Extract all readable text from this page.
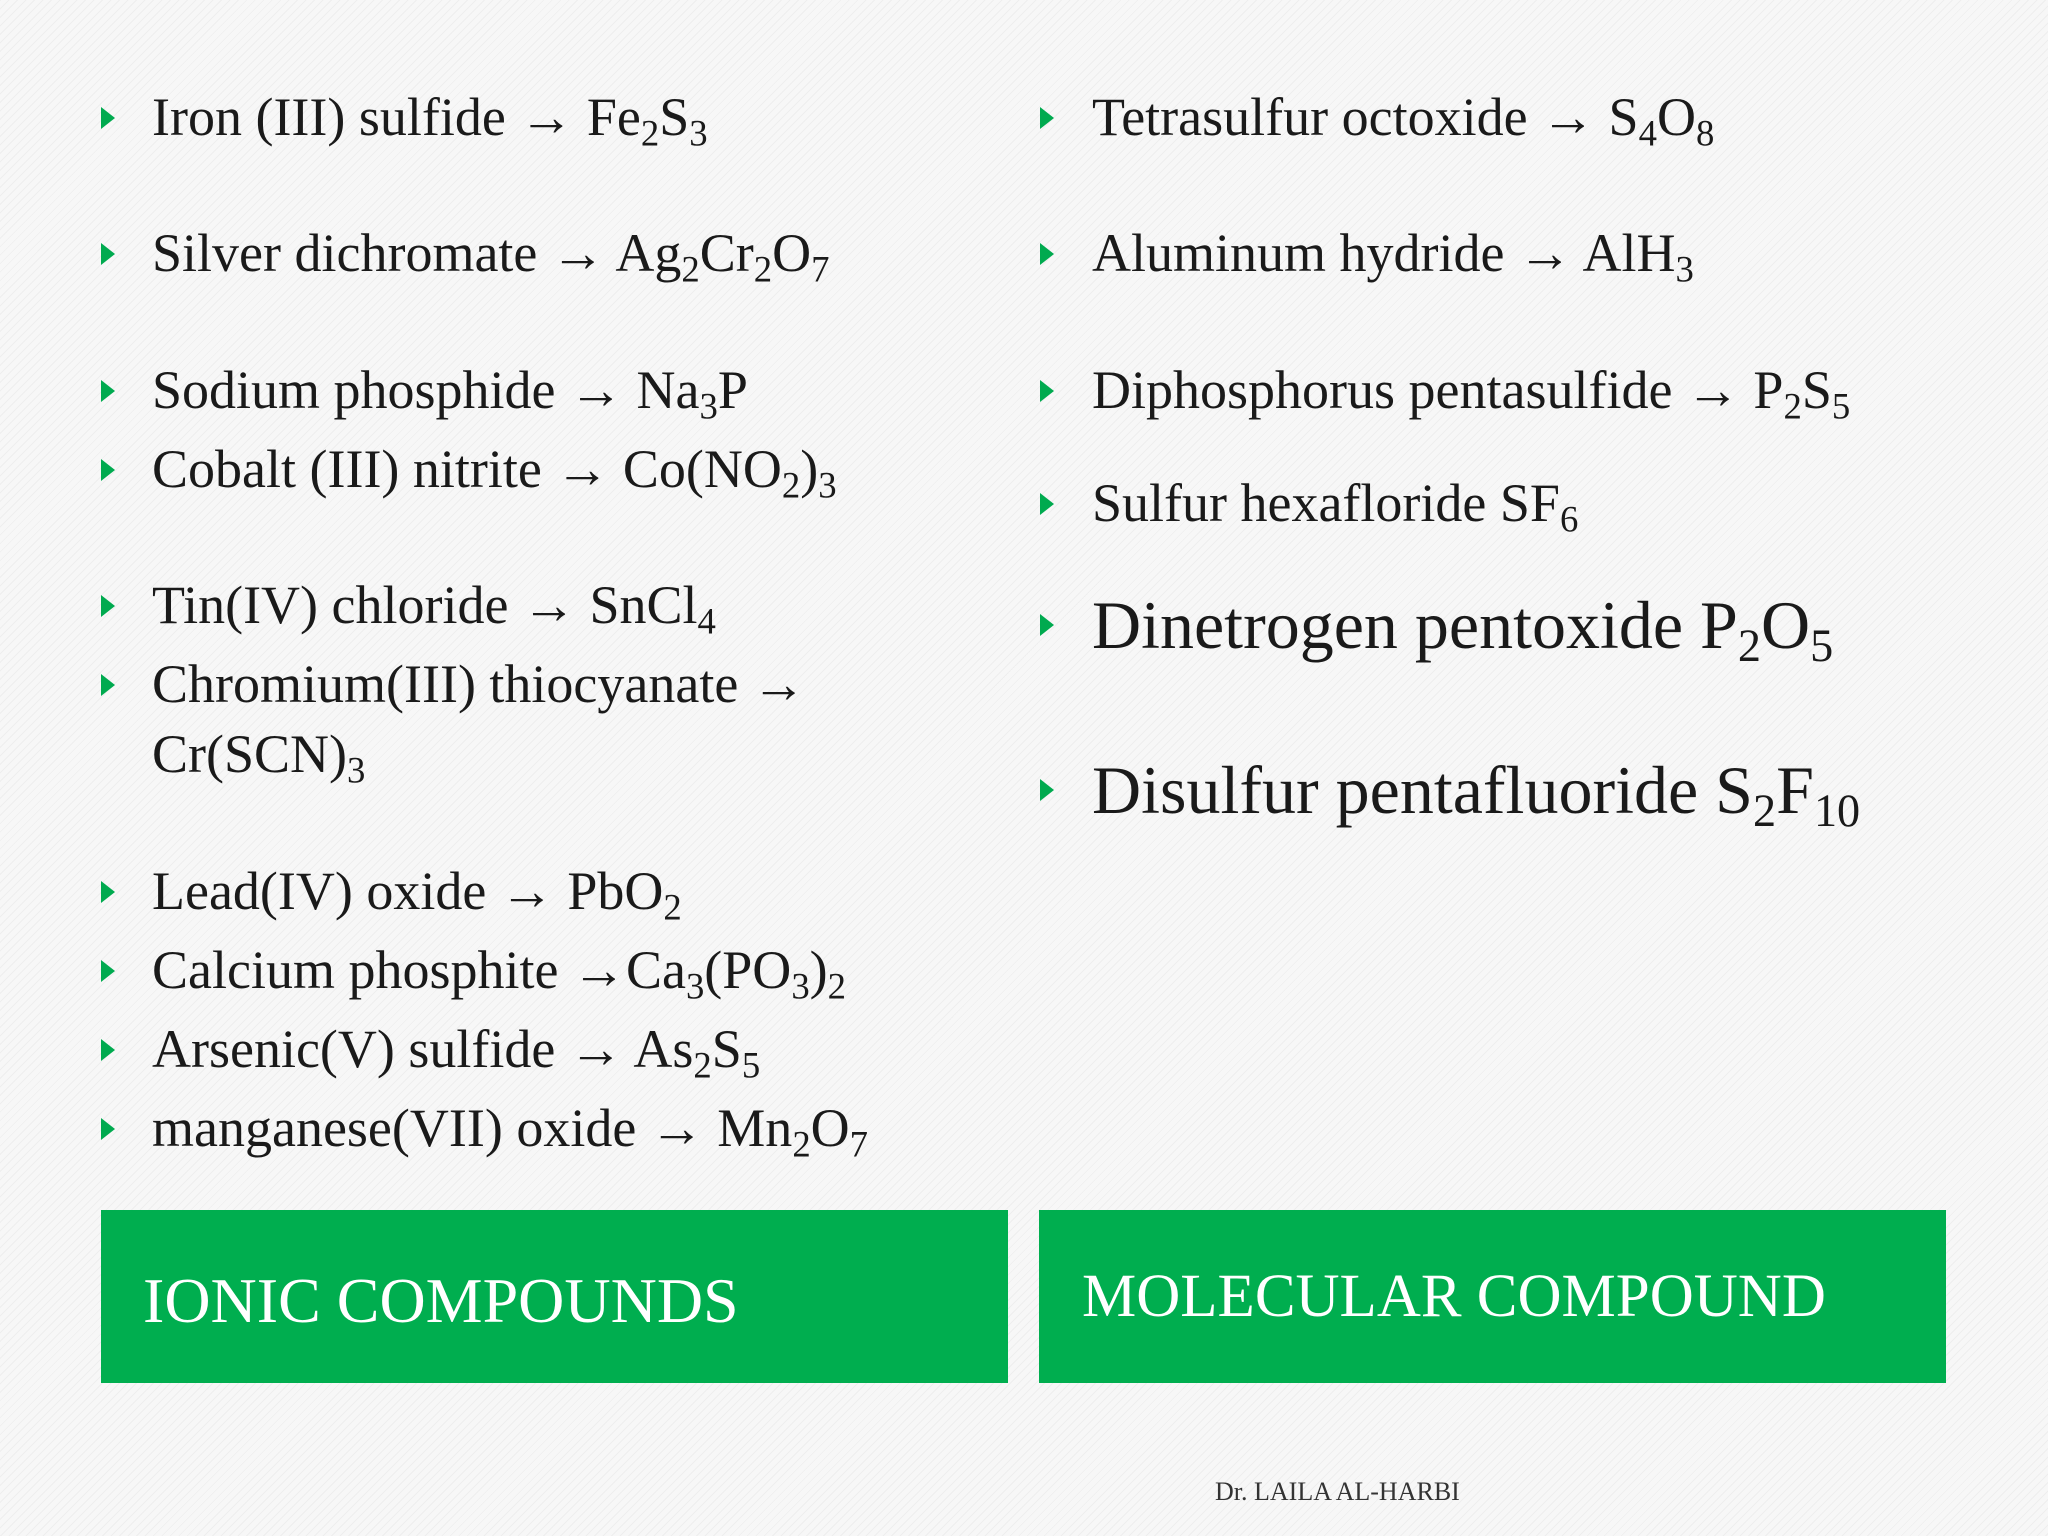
Iron (III) sulfide → $Fe_2S_3$
Silver dichromate → $Ag_2Cr_2O_7$
Sodium phosphide → $Na_3P$
Cobalt (III) nitrite → $Co(NO_2)_3$
Tin(IV) chloride → SnCl$_4$
Chromium(III) thiocyanate →
$Cr(SCN)_3$
Lead(IV) oxide → PbO$_2$
Calcium phosphite $\to Ca_3(PO_3)_2$
Arsenic(V) sulfide → $As_2S_5$
manganese(VII) oxide → $Mn_2O_7$
Tetrasulfur octoxide → $S_4O_8$
Aluminum hydride → AlH$_3$
Diphosphorus pentasulfide → $P_2S_5$
Sulfur hexafloride $SF_6$
Dinetrogen pentoxide $P_2O_5$
Disulfur pentafluoride $S_2F_{10}$
IONIC COMPOUNDS	MOLECULAR COMPOUND
Dr. LAILA AL-HARBI
